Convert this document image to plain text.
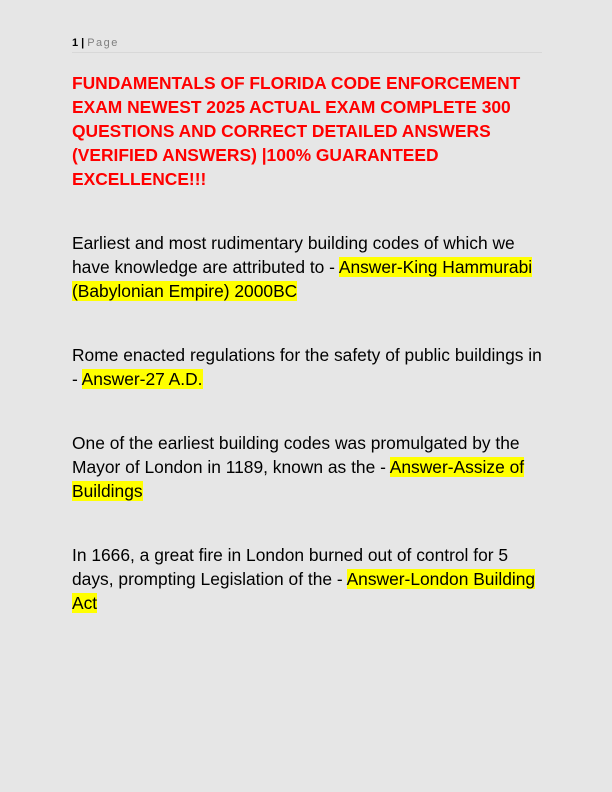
1 | Page
FUNDAMENTALS OF FLORIDA CODE ENFORCEMENT EXAM NEWEST 2025 ACTUAL EXAM COMPLETE 300 QUESTIONS AND CORRECT DETAILED ANSWERS (VERIFIED ANSWERS) |100% GUARANTEED EXCELLENCE!!!

Earliest and most rudimentary building codes of which we have knowledge are attributed to - Answer-King Hammurabi (Babylonian Empire) 2000BC

Rome enacted regulations for the safety of public buildings in - Answer-27 A.D.

One of the earliest building codes was promulgated by the Mayor of London in 1189, known as the - Answer-Assize of Buildings

In 1666, a great fire in London burned out of control for 5 days, prompting Legislation of the - Answer-London Building Act
